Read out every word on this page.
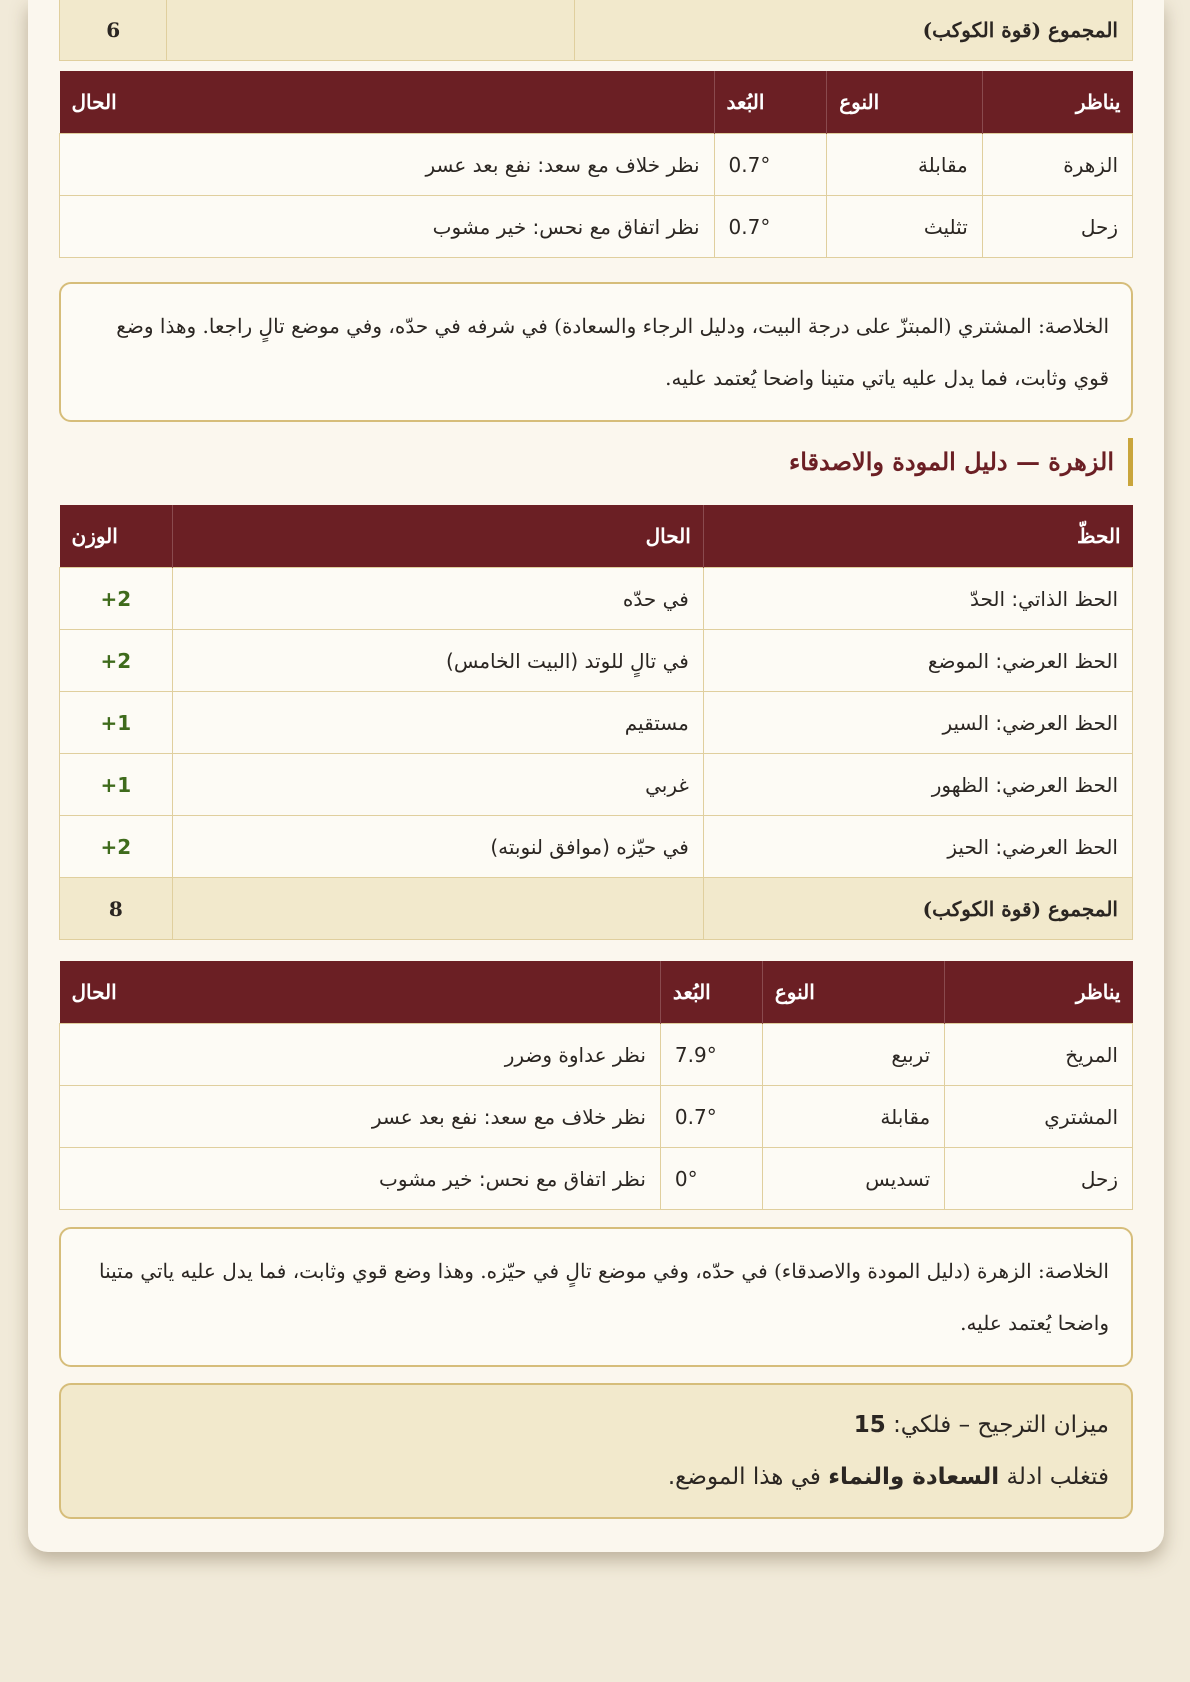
المجموع (قوة الكوكب)		6
يناظر	النوع	البُعد	الحال
الزهرة	مقابلة	0.7°	نظر خلاف مع سعد: نفع بعد عسر
زحل	تثليث	0.7°	نظر اتفاق مع نحس: خير مشوب
الخلاصة: المشتري (المبتزّ على درجة البيت، ودليل الرجاء والسعادة) في شرفه في حدّه، وفي موضع تالٍ راجعا. وهذا وضع قوي وثابت، فما يدل عليه ياتي متينا واضحا يُعتمد عليه.
الزهرة — دليل المودة والاصدقاء
الحظّ	الحال	الوزن
الحظ الذاتي: الحدّ	في حدّه	2+
الحظ العرضي: الموضع	في تالٍ للوتد (البيت الخامس)	2+
الحظ العرضي: السير	مستقيم	1+
الحظ العرضي: الظهور	غربي	1+
الحظ العرضي: الحيز	في حيّزه (موافق لنوبته)	2+
المجموع (قوة الكوكب)		8
يناظر	النوع	البُعد	الحال
المريخ	تربيع	7.9°	نظر عداوة وضرر
المشتري	مقابلة	0.7°	نظر خلاف مع سعد: نفع بعد عسر
زحل	تسديس	0°	نظر اتفاق مع نحس: خير مشوب
الخلاصة: الزهرة (دليل المودة والاصدقاء) في حدّه، وفي موضع تالٍ في حيّزه. وهذا وضع قوي وثابت، فما يدل عليه ياتي متينا واضحا يُعتمد عليه.
ميزان الترجيح – فلكي: 15
فتغلب ادلة السعادة والنماء في هذا الموضع.
